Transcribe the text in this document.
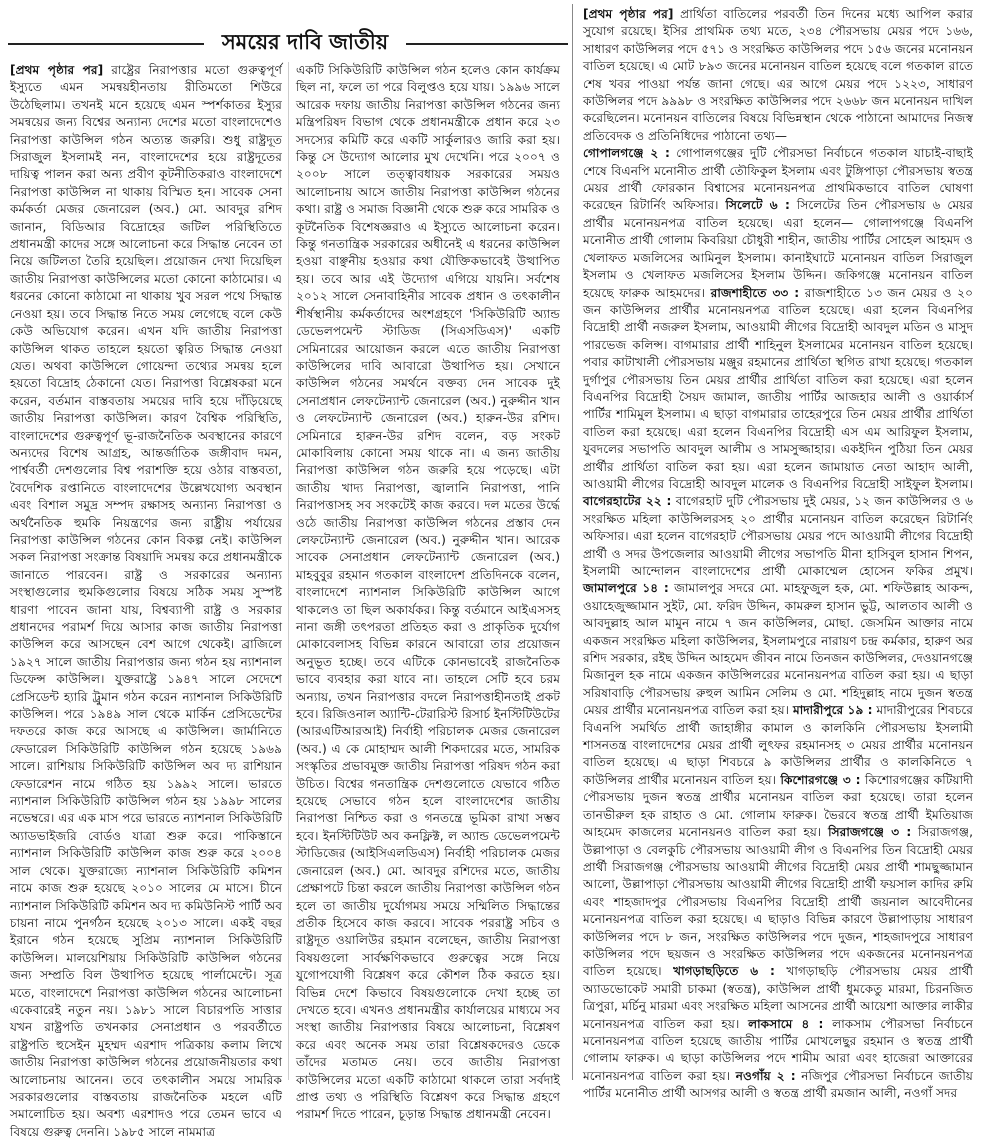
সময়ের দাবি জাতীয়

[প্রথম পৃষ্ঠার পর] রাষ্ট্রের নিরাপত্তার মতো গুরুত্বপূর্ণ ইস্যুতে এমন সমন্বয়হীনতায় রীতিমতো শিউরে উঠেছিলাম। তখনই মনে হয়েছে এমন স্পর্শকাতর ইস্যুর সমন্বয়ের জন্য বিশ্বের অন্যান্য দেশের মতো বাংলাদেশেও নিরাপত্তা কাউন্সিল গঠন অত্যন্ত জরুরি। শুধু রাষ্ট্রদূত সিরাজুল ইসলামই নন, বাংলাদেশের হয়ে রাষ্ট্রদূতের দায়িত্ব পালন করা অন্য প্রবীণ কূটনীতিকরাও বাংলাদেশে নিরাপত্তা কাউন্সিল না থাকায় বিস্মিত হন। সাবেক সেনা কর্মকর্তা মেজর জেনারেল (অব.) মো. আবদুর রশিদ জানান, বিডিআর বিদ্রোহের জটিল পরিস্থিতিতে প্রধানমন্ত্রী কাদের সঙ্গে আলোচনা করে সিদ্ধান্ত নেবেন তা নিয়ে জটিলতা তৈরি হয়েছিল। প্রয়োজন দেখা দিয়েছিল জাতীয় নিরাপত্তা কাউন্সিলের মতো কোনো কাঠামোর। এ ধরনের কোনো কাঠামো না থাকায় খুব সরল পথে সিদ্ধান্ত নেওয়া হয়। তবে সিদ্ধান্ত নিতে সময় লেগেছে বলে কেউ কেউ অভিযোগ করেন। এখন যদি জাতীয় নিরাপত্তা কাউন্সিল থাকত তাহলে হয়তো ত্বরিত সিদ্ধান্ত নেওয়া যেত। অথবা কাউন্সিলে গোয়েন্দা তথ্যের সমন্বয় হলে হয়তো বিদ্রোহ ঠেকানো যেত। নিরাপত্তা বিশ্লেষকরা মনে করেন, বর্তমান বাস্তবতায় সময়ের দাবি হয়ে দাঁড়িয়েছে জাতীয় নিরাপত্তা কাউন্সিল। কারণ বৈশ্বিক পরিস্থিতি, বাংলাদেশের গুরুত্বপূর্ণ ভূ-রাজনৈতিক অবস্থানের কারণে অন্যদের বিশেষ আগ্রহ, আন্তর্জাতিক জঙ্গীবাদ দমন, পার্শ্ববর্তী দেশগুলোর বিশ্ব পরাশক্তি হয়ে ওঠার বাস্তবতা, বৈদেশিক রপ্তানিতে বাংলাদেশের উল্লেখযোগ্য অবস্থান এবং বিশাল সমুদ্র সম্পদ রক্ষাসহ অন্যান্য নিরাপত্তা ও অর্থনৈতিক হুমকি নিয়ন্ত্রণের জন্য রাষ্ট্রীয় পর্যায়ের নিরাপত্তা কাউন্সিল গঠনের কোন বিকল্প নেই। কাউন্সিল সকল নিরাপত্তা সংক্রান্ত বিষয়াদি সমন্বয় করে প্রধানমন্ত্রীকে জানাতে পারবেন। রাষ্ট্র ও সরকারের অন্যান্য সংস্থাগুলোর হুমকিগুলোর বিষয়ে সঠিক সময় সুস্পষ্ট ধারণা পাবেন জানা যায়, বিশ্বব্যাপী রাষ্ট্র ও সরকার প্রধানদের পরামর্শ দিয়ে আসার কাজ জাতীয় নিরাপত্তা কাউন্সিল করে আসছেন বেশ আগে থেকেই। ব্রাজিলে ১৯২৭ সালে জাতীয় নিরাপত্তার জন্য গঠন হয় ন্যাশনাল ডিফেন্স কাউন্সিল। যুক্তরাষ্ট্রে ১৯৪৭ সালে সেদেশে প্রেসিডেন্ট হ্যারি ট্রুমান গঠন করেন ন্যাশনাল সিকিউরিটি কাউন্সিল। পরে ১৯৪৯ সাল থেকে মার্কিন প্রেসিডেন্টের দফতরে কাজ করে আসছে এ কাউন্সিল। জার্মানিতে ফেডারেল সিকিউরিটি কাউন্সিল গঠন হয়েছে ১৯৬৯ সালে। রাশিয়ায় সিকিউরিটি কাউন্সিল অব দ্য রাশিয়ান ফেডারেশন নামে গঠিত হয় ১৯৯২ সালে। ভারতে ন্যাশনাল সিকিউরিটি কাউন্সিল গঠন হয় ১৯৯৮ সালের নভেম্বরে। এর এক মাস পরে ভারতে ন্যাশনাল সিকিউরিটি অ্যাডভাইজরি বোর্ডও যাত্রা শুরু করে। পাকিস্তানে ন্যাশনাল সিকিউরিটি কাউন্সিল কাজ শুরু করে ২০০৪ সাল থেকে। যুক্তরাজ্যে ন্যাশনাল সিকিউরিটি কমিশন নামে কাজ শুরু হয়েছে ২০১০ সালের মে মাসে। চীনে ন্যাশনাল সিকিউরিটি কমিশন অব দ্য কমিউনিস্ট পার্টি অব চায়না নামে পুনর্গঠন হয়েছে ২০১৩ সালে। একই বছর ইরানে গঠন হয়েছে সুপ্রিম ন্যাশনাল সিকিউরিটি কাউন্সিল। মালয়েশিয়ায় সিকিউরিটি কাউন্সিল গঠনের জন্য সম্প্রতি বিল উত্থাপিত হয়েছে পার্লামেন্টে। সূত্র মতে, বাংলাদেশে নিরাপত্তা কাউন্সিল গঠনের আলোচনা একেবারেই নতুন নয়। ১৯৮১ সালে বিচারপতি সাত্তার যখন রাষ্ট্রপতি তখনকার সেনাপ্রধান ও পরবর্তীতে রাষ্ট্রপতি হুসেইন মুহম্মদ এরশাদ পত্রিকায় কলাম লিখে জাতীয় নিরাপত্তা কাউন্সিল গঠনের প্রয়োজনীয়তার কথা আলোচনায় আনেন। তবে তৎকালীন সময়ে সামরিক সরকারগুলোর বাস্তবতায় রাজনৈতিক মহলে এটি সমালোচিত হয়। অবশ্য এরশাদও পরে তেমন ভাবে এ বিষয়ে গুরুত্ব দেননি। ১৯৮৫ সালে নামমাত্র

একটি সিকিউরিটি কাউন্সিল গঠন হলেও কোন কার্যক্রম ছিল না, ফলে তা পরে বিলুপ্তও হয়ে যায়। ১৯৯৬ সালে আরেক দফায় জাতীয় নিরাপত্তা কাউন্সিল গঠনের জন্য মন্ত্রিপরিষদ বিভাগ থেকে প্রধানমন্ত্রীকে প্রধান করে ২৩ সদস্যের কমিটি করে একটি সার্কুলারও জারি করা হয়। কিন্তু সে উদ্যোগ আলোর মুখ দেখেনি। পরে ২০০৭ ও ২০০৮ সালে তত্ত্বাবধায়ক সরকারের সময়ও আলোচনায় আসে জাতীয় নিরাপত্তা কাউন্সিল গঠনের কথা। রাষ্ট্র ও সমাজ বিজ্ঞানী থেকে শুরু করে সামরিক ও কূটনৈতিক বিশেষজ্ঞরাও এ ইস্যুতে আলোচনা করেন। কিন্তু গনতান্ত্রিক সরকারের অধীনেই এ ধরনের কাউন্সিল হওয়া বাঞ্ছনীয় হওয়ার কথা যৌক্তিকভাবেই উত্থাপিত হয়। তবে আর এই উদ্যোগ এগিয়ে যায়নি। সর্বশেষ ২০১২ সালে সেনাবাহিনীর সাবেক প্রধান ও তৎকালীন শীর্ষস্থানীয় কর্মকর্তাদের অংশগ্রহণে 'সিকিউরিটি অ্যান্ড ডেভেলপমেন্ট স্টাডিজ (সিএসডিএস)' একটি সেমিনারের আয়োজন করলে এতে জাতীয় নিরাপত্তা কাউন্সিলের দাবি আবারো উত্থাপিত হয়। সেখানে কাউন্সিল গঠনের সমর্থনে বক্তব্য দেন সাবেক দুই সেনাপ্রধান লেফটেন্যান্ট জেনারেল (অব.) নুরুদ্দীন খান ও লেফটেন্যান্ট জেনারেল (অব.) হারুন-উর রশিদ। সেমিনারে হারুন-উর রশিদ বলেন, বড় সংকট মোকাবিলায় কোনো সময় থাকে না। এ জন্য জাতীয় নিরাপত্তা কাউন্সিল গঠন জরুরি হয়ে পড়েছে। এটা জাতীয় খাদ্য নিরাপত্তা, জ্বালানি নিরাপত্তা, পানি নিরাপত্তাসহ সব সংকটেই কাজ করবে। দল মতের উর্দ্ধে ওঠে জাতীয় নিরাপত্তা কাউন্সিল গঠনের প্রস্তাব দেন লেফটেন্যান্ট জেনারেল (অব.) নুরুদ্দীন খান। আরেক সাবেক সেনাপ্রধান লেফটেন্যান্ট জেনারেল (অব.) মাহবুবুর রহমান গতকাল বাংলাদেশ প্রতিদিনকে বলেন, বাংলাদেশে ন্যাশনাল সিকিউরিটি কাউন্সিল আগে থাকলেও তা ছিল অকার্যকর। কিন্তু বর্তমানে আইএসসহ নানা জঙ্গী তৎপরতা প্রতিহত করা ও প্রাকৃতিক দুর্যোগ মোকাবেলাসহ বিভিন্ন কারনে আবারো তার প্রয়োজন অনুভূত হচ্ছে। তবে এটিকে কোনভাবেই রাজনৈতিক ভাবে ব্যবহার করা যাবে না। তাহলে সেটি হবে চরম অন্যায়, তখন নিরাপত্তার বদলে নিরাপত্তাহীনতাই প্রকট হবে। রিজিওনাল অ্যান্টি-টেরারিস্ট রিসার্চ ইনস্টিটিউটের (আরএটিআরআই) নির্বাহী পরিচালক মেজর জেনারেল (অব.) এ কে মোহাম্মদ আলী শিকদারের মতে, সামরিক সংস্কৃতির প্রভাবমুক্ত জাতীয় নিরাপত্তা পরিষদ গঠন করা উচিত। বিশ্বের গনতান্ত্রিক দেশগুলোতে যেভাবে গঠিত হয়েছে সেভাবে গঠন হলে বাংলাদেশের জাতীয় নিরাপত্তা নিশ্চিত করা ও গনতন্ত্রে ভূমিকা রাখা সম্ভব হবে। ইনস্টিটিউট অব কনফ্লিক্ট, ল অ্যান্ড ডেভেলপমেন্ট স্টাডিজের (আইসিএলডিএস) নির্বাহী পরিচালক মেজর জেনারেল (অব.) মো. আবদুর রশিদের মতে, জাতীয় প্রেক্ষাপটে চিন্তা করলে জাতীয় নিরাপত্তা কাউন্সিল গঠন হলে তা জাতীয় দুর্যোগময় সময়ে সম্মিলিত সিদ্ধান্তের প্রতীক হিসেবে কাজ করবে। সাবেক পররাষ্ট্র সচিব ও রাষ্ট্রদূত ওয়ালিউর রহমান বলেছেন, জাতীয় নিরাপত্তা বিষয়গুলো সার্বক্ষণিকভাবে গুরুত্বের সঙ্গে নিয়ে যুগোপযোগী বিশ্লেষণ করে কৌশল ঠিক করতে হয়। বিভিন্ন দেশে কিভাবে বিষয়গুলোকে দেখা হচ্ছে তা দেখতে হবে। এখনও প্রধানমন্ত্রীর কার্যালয়ের মাধ্যমে সব সংস্থা জাতীয় নিরাপত্তার বিষয়ে আলোচনা, বিশ্লেষণ করে এবং অনেক সময় তারা বিশ্লেষকদেরও ডেকে তাঁদের মতামত নেয়। তবে জাতীয় নিরাপত্তা কাউন্সিলের মতো একটি কাঠামো থাকলে তারা সর্বদাই প্রাপ্ত তথ্য ও পরিস্থিতি বিশ্লেষণ করে সিদ্ধান্ত গ্রহণে পরামর্শ দিতে পারেন, চূড়ান্ত সিদ্ধান্ত প্রধানমন্ত্রী নেবেন।

[প্রথম পৃষ্ঠার পর] প্রার্থিতা বাতিলের পরবর্তী তিন দিনের মধ্যে আপিল করার সুযোগ রয়েছে। ইসির প্রাথমিক তথ্য মতে, ২৩৪ পৌরসভায় মেয়র পদে ১৬৬, সাধারণ কাউন্সিলর পদে ৫৭১ ও সংরক্ষিত কাউন্সিলর পদে ১৫৬ জনের মনোনয়ন বাতিল হয়েছে। এ মোট ৮৯৩ জনের মনোনয়ন বাতিল হয়েছে বলে গতকাল রাতে শেষ খবর পাওয়া পর্যন্ত জানা গেছে। এর আগে মেয়র পদে ১২২৩, সাধারণ কাউন্সিলর পদে ৯৯৯৮ ও সংরক্ষিত কাউন্সিলর পদে ২৬৬৮ জন মনোনয়ন দাখিল করেছিলেন। মনোনয়ন বাতিলের বিষয়ে বিভিন্নস্থান থেকে পাঠানো আমাদের নিজস্ব প্রতিবেদক ও প্রতিনিধিদের পাঠানো তথ্য—

গোপালগঞ্জে ২ : গোপালগঞ্জের দুটি পৌরসভা নির্বাচনে গতকাল যাচাই-বাছাই শেষে বিএনপি মনোনীত প্রার্থী তৌফিকুল ইসলাম এবং টুঙ্গিপাড়া পৌরসভায় স্বতন্ত্র মেয়র প্রার্থী ফোরকান বিশ্বাসের মনোনয়নপত্র প্রাথমিকভাবে বাতিল ঘোষণা করেছেন রিটার্নিং অফিসার। সিলেটে ৬ : সিলেটের তিন পৌরসভায় ৬ মেয়র প্রার্থীর মনোনয়নপত্র বাতিল হয়েছে। এরা হলেন— গোলাপগঞ্জে বিএনপি মনোনীত প্রার্থী গোলাম কিবরিয়া চৌধুরী শাহীন, জাতীয় পার্টির সোহেল আহমদ ও খেলাফত মজলিসের আমিনুল ইসলাম। কানাইঘাটে মনোনয়ন বাতিল সিরাজুল ইসলাম ও খেলাফত মজলিসের ইসলাম উদ্দিন। জকিগঞ্জে মনোনয়ন বাতিল হয়েছে ফারুক আহমদের। রাজশাহীতে ৩৩ : রাজশাহীতে ১৩ জন মেয়র ও ২০ জন কাউন্সিলর প্রার্থীর মনোনয়নপত্র বাতিল হয়েছে। এরা হলেন বিএনপির বিদ্রোহী প্রার্থী নজরুল ইসলাম, আওয়ামী লীগের বিদ্রোহী আবদুল মতিন ও মাসুদ পারভেজ কলিন্স। বাগমারার প্রার্থী শাহিনুল ইসলামের মনোনয়ন বাতিল হয়েছে। পবার কাটাখালী পৌরসভায় মঞ্জুর রহমানের প্রার্থিতা স্থগিত রাখা হয়েছে। গতকাল দুর্গাপুর পৌরসভায় তিন মেয়র প্রার্থীর প্রার্থিতা বাতিল করা হয়েছে। এরা হলেন বিএনপির বিদ্রোহী সৈয়দ জামাল, জাতীয় পার্টির আজহার আলী ও ওয়ার্কার্স পার্টির শামিমুল ইসলাম। এ ছাড়া বাগমারার তাহেরপুরে তিন মেয়র প্রার্থীর প্রার্থিতা বাতিল করা হয়েছে। এরা হলেন বিএনপির বিদ্রোহী এস এম আরিফুল ইসলাম, যুবদলের সভাপতি আবদুল আলীম ও সামসুজ্জাহার। একইদিন পুঠিয়া তিন মেয়র প্রার্থীর প্রার্থিতা বাতিল করা হয়। এরা হলেন জামায়াত নেতা আহাদ আলী, আওয়ামী লীগের বিদ্রোহী আবদুল মালেক ও বিএনপির বিদ্রোহী সাইফুল ইসলাম। বাগেরহাটের ২২ : বাগেরহাট দুটি পৌরসভায় দুই মেয়র, ১২ জন কাউন্সিলর ও ৬ সংরক্ষিত মহিলা কাউন্সিলরসহ ২০ প্রার্থীর মনোনয়ন বাতিল করেছেন রিটার্নিং অফিসার। এরা হলেন বাগেরহাট পৌরসভায় মেয়র পদে আওয়ামী লীগের বিদ্রোহী প্রার্থী ও সদর উপজেলার আওয়ামী লীগের সভাপতি মীনা হাসিবুল হাসান শিপন, ইসলামী আন্দোলন বাংলাদেশের প্রার্থী মোকাম্মেল হোসেন ফকির প্রমুখ। জামালপুরে ১৪ : জামালপুর সদরে মো. মাহফুজুল হক, মো. শফিউল্লাহ আকন্দ, ওয়াহেজুজ্জামান সুইট, মো. ফরিদ উদ্দিন, কামরুল হাসান ভুট্ট, আলতাব আলী ও আবদুল্লাহ আল মামুন নামে ৭ জন কাউন্সিলর, মোছা. জেসমিন আক্তার নামে একজন সংরক্ষিত মহিলা কাউন্সিলর, ইসলামপুরে নারায়ণ চন্দ্র কর্মকার, হারুণ অর রশিদ সরকার, রইছ উদ্দিন আহমেদ জীবন নামে তিনজন কাউন্সিলর, দেওয়ানগঞ্জে মিজানুল হক নামে একজন কাউন্সিলরের মনোনয়নপত্র বাতিল করা হয়। এ ছাড়া সরিষাবাড়ি পৌরসভায় রুহুল আমিন সেলিম ও মো. শহিদুল্লাহ নামে দুজন স্বতন্ত্র মেয়র প্রার্থীর মনোনয়নপত্র বাতিল করা হয়। মাদারীপুরে ১৯ : মাদারীপুরের শিবচরে বিএনপি সমর্থিত প্রার্থী জাহাঙ্গীর কামাল ও কালকিনি পৌরসভায় ইসলামী শাসনতন্ত্র বাংলাদেশের মেয়র প্রার্থী লুৎফর রহমানসহ ৩ মেয়র প্রার্থীর মনোনয়ন বাতিল হয়েছে। এ ছাড়া শিবচরে ৯ কাউন্সিলর প্রার্থীর ও কালকিনিতে ৭ কাউন্সিলর প্রার্থীর মনোনয়ন বাতিল হয়। কিশোরগঞ্জে ৩ : কিশোরগঞ্জের কটিয়াদী পৌরসভায় দুজন স্বতন্ত্র প্রার্থীর মনোনয়ন বাতিল করা হয়েছে। তারা হলেন তানভীরুল হক রাহাত ও মো. গোলাম ফারুক। ভৈরবে স্বতন্ত্র প্রার্থী ইমতিয়াজ আহমেদ কাজলের মনোনয়নও বাতিল করা হয়। সিরাজগঞ্জে ৩ : সিরাজগঞ্জ, উল্লাপাড়া ও বেলকুচি পৌরসভায় আওয়ামী লীগ ও বিএনপির তিন বিদ্রোহী মেয়র প্রার্থী সিরাজগঞ্জ পৌরসভায় আওয়ামী লীগের বিদ্রোহী মেয়র প্রার্থী শামছুজ্জামান আলো, উল্লাপাড়া পৌরসভায় আওয়ামী লীগের বিদ্রোহী প্রার্থী ফয়সাল কাদির রুমি এবং শাহজাদপুর পৌরসভায় বিএনপির বিদ্রোহী প্রার্থী জয়নাল আবেদীনের মনোনয়নপত্র বাতিল করা হয়েছে। এ ছাড়াও বিভিন্ন কারণে উল্লাপাড়ায় সাধারণ কাউন্সিলর পদে ৮ জন, সংরক্ষিত কাউন্সিলর পদে দুজন, শাহজাদপুরে সাধারণ কাউন্সিলর পদে ছয়জন ও সংরক্ষিত কাউন্সিলর পদে একজনের মনোনয়নপত্র বাতিল হয়েছে। খাগড়াছড়িতে ৬ : খাগড়াছড়ি পৌরসভায় মেয়র প্রার্থী অ্যাডভোকেট সমারী চাকমা (স্বতন্ত্র), কাউন্সিল প্রার্থী ধুমকেতু মারমা, চিরনজিত ত্রিপুরা, মর্চিনু মারমা এবং সংরক্ষিত মহিলা আসনের প্রার্থী আয়েশা আক্তার লাকীর মনোনয়নপত্র বাতিল করা হয়। লাকসামে ৪ : লাকসাম পৌরসভা নির্বাচনে মনোনয়নপত্র বাতিল হয়েছে জাতীয় পার্টির মোখলেছুর রহমান ও স্বতন্ত্র প্রার্থী গোলাম ফারুক। এ ছাড়া কাউন্সিলর পদে শামীম আরা এবং হাজেরা আক্তারের মনোনয়নপত্র বাতিল করা হয়। নওগাঁয় ২ : নজিপুর পৌরসভা নির্বাচনে জাতীয় পার্টির মনোনীত প্রার্থী আসগর আলী ও স্বতন্ত্র প্রার্থী রমজান আলী, নওগাঁ সদর
